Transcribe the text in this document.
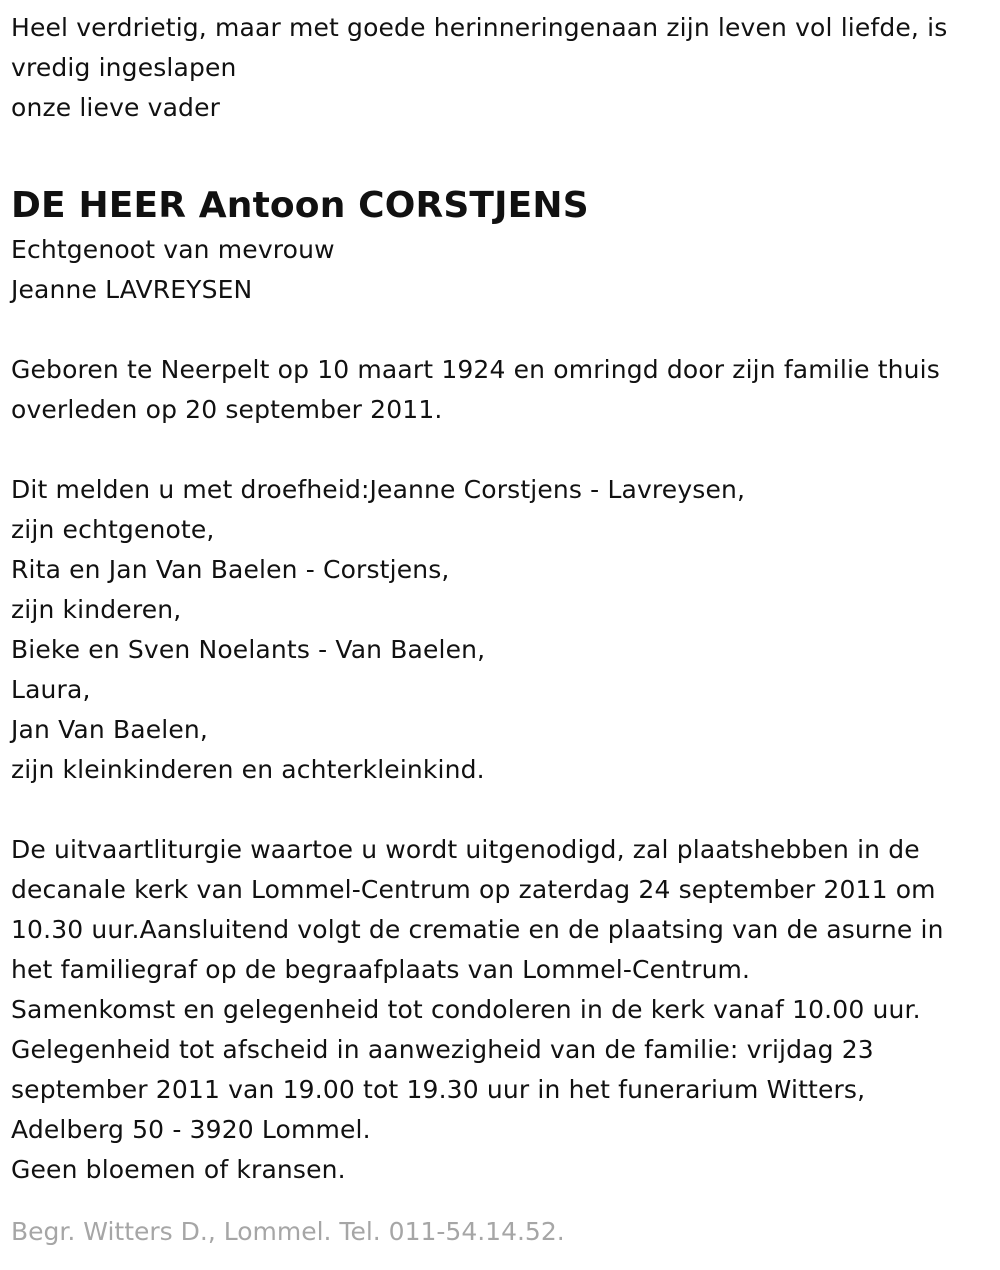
Heel verdrietig, maar met goede herinneringenaan zijn leven vol liefde, is
vredig ingeslapen
onze lieve vader
DE HEER Antoon CORSTJENS
Echtgenoot van mevrouw
Jeanne LAVREYSEN
Geboren te Neerpelt op 10 maart 1924 en omringd door zijn familie thuis
overleden op 20 september 2011.
Dit melden u met droefheid:Jeanne Corstjens - Lavreysen,
zijn echtgenote,
Rita en Jan Van Baelen - Corstjens,
zijn kinderen,
Bieke en Sven Noelants - Van Baelen,
Laura,
Jan Van Baelen,
zijn kleinkinderen en achterkleinkind.
De uitvaartliturgie waartoe u wordt uitgenodigd, zal plaatshebben in de
decanale kerk van Lommel-Centrum op zaterdag 24 september 2011 om
10.30 uur.Aansluitend volgt de crematie en de plaatsing van de asurne in
het familiegraf op de begraafplaats van Lommel-Centrum.
Samenkomst en gelegenheid tot condoleren in de kerk vanaf 10.00 uur.
Gelegenheid tot afscheid in aanwezigheid van de familie: vrijdag 23
september 2011 van 19.00 tot 19.30 uur in het funerarium Witters,
Adelberg 50 - 3920 Lommel.
Geen bloemen of kransen.
Begr. Witters D., Lommel. Tel. 011-54.14.52.
